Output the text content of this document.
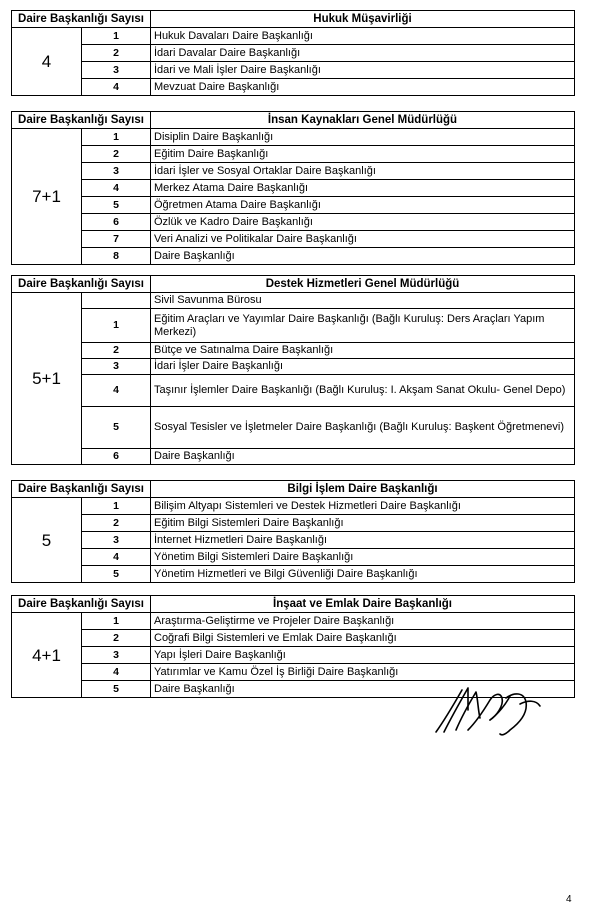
Daire Başkanlığı Sayısı		Hukuk Müşavirliği
4	1	Hukuk Davaları Daire Başkanlığı
	2	İdari Davalar Daire Başkanlığı
	3	İdari ve Mali İşler Daire Başkanlığı
	4	Mevzuat Daire Başkanlığı
Daire Başkanlığı Sayısı		İnsan Kaynakları Genel Müdürlüğü
7+1	1	Disiplin Daire Başkanlığı
	2	Eğitim Daire Başkanlığı
	3	İdari İşler ve Sosyal Ortaklar Daire Başkanlığı
	4	Merkez Atama Daire Başkanlığı
	5	Öğretmen Atama Daire Başkanlığı
	6	Özlük ve Kadro Daire Başkanlığı
	7	Veri Analizi ve Politikalar Daire Başkanlığı
	8	Daire Başkanlığı
Daire Başkanlığı Sayısı		Destek Hizmetleri Genel Müdürlüğü
5+1		Sivil Savunma Bürosu
	1	Eğitim Araçları ve Yayımlar Daire Başkanlığı (Bağlı Kuruluş: Ders Araçları Yapım Merkezi)
	2	Bütçe ve Satınalma Daire Başkanlığı
	3	İdari İşler Daire Başkanlığı
	4	Taşınır İşlemler Daire Başkanlığı (Bağlı Kuruluş: I. Akşam Sanat Okulu- Genel Depo)
	5	Sosyal Tesisler ve İşletmeler Daire Başkanlığı (Bağlı Kuruluş: Başkent Öğretmenevi)
	6	Daire Başkanlığı
Daire Başkanlığı Sayısı		Bilgi İşlem Daire Başkanlığı
5	1	Bilişim Altyapı Sistemleri ve Destek Hizmetleri Daire Başkanlığı
	2	Eğitim Bilgi Sistemleri Daire Başkanlığı
	3	İnternet Hizmetleri Daire Başkanlığı
	4	Yönetim Bilgi Sistemleri Daire Başkanlığı
	5	Yönetim Hizmetleri ve Bilgi Güvenliği Daire Başkanlığı
Daire Başkanlığı Sayısı		İnşaat ve Emlak Daire Başkanlığı
4+1	1	Araştırma-Geliştirme ve Projeler Daire Başkanlığı
	2	Coğrafi Bilgi Sistemleri ve Emlak Daire Başkanlığı
	3	Yapı İşleri Daire Başkanlığı
	4	Yatırımlar ve Kamu Özel İş Birliği Daire Başkanlığı
	5	Daire Başkanlığı
4
